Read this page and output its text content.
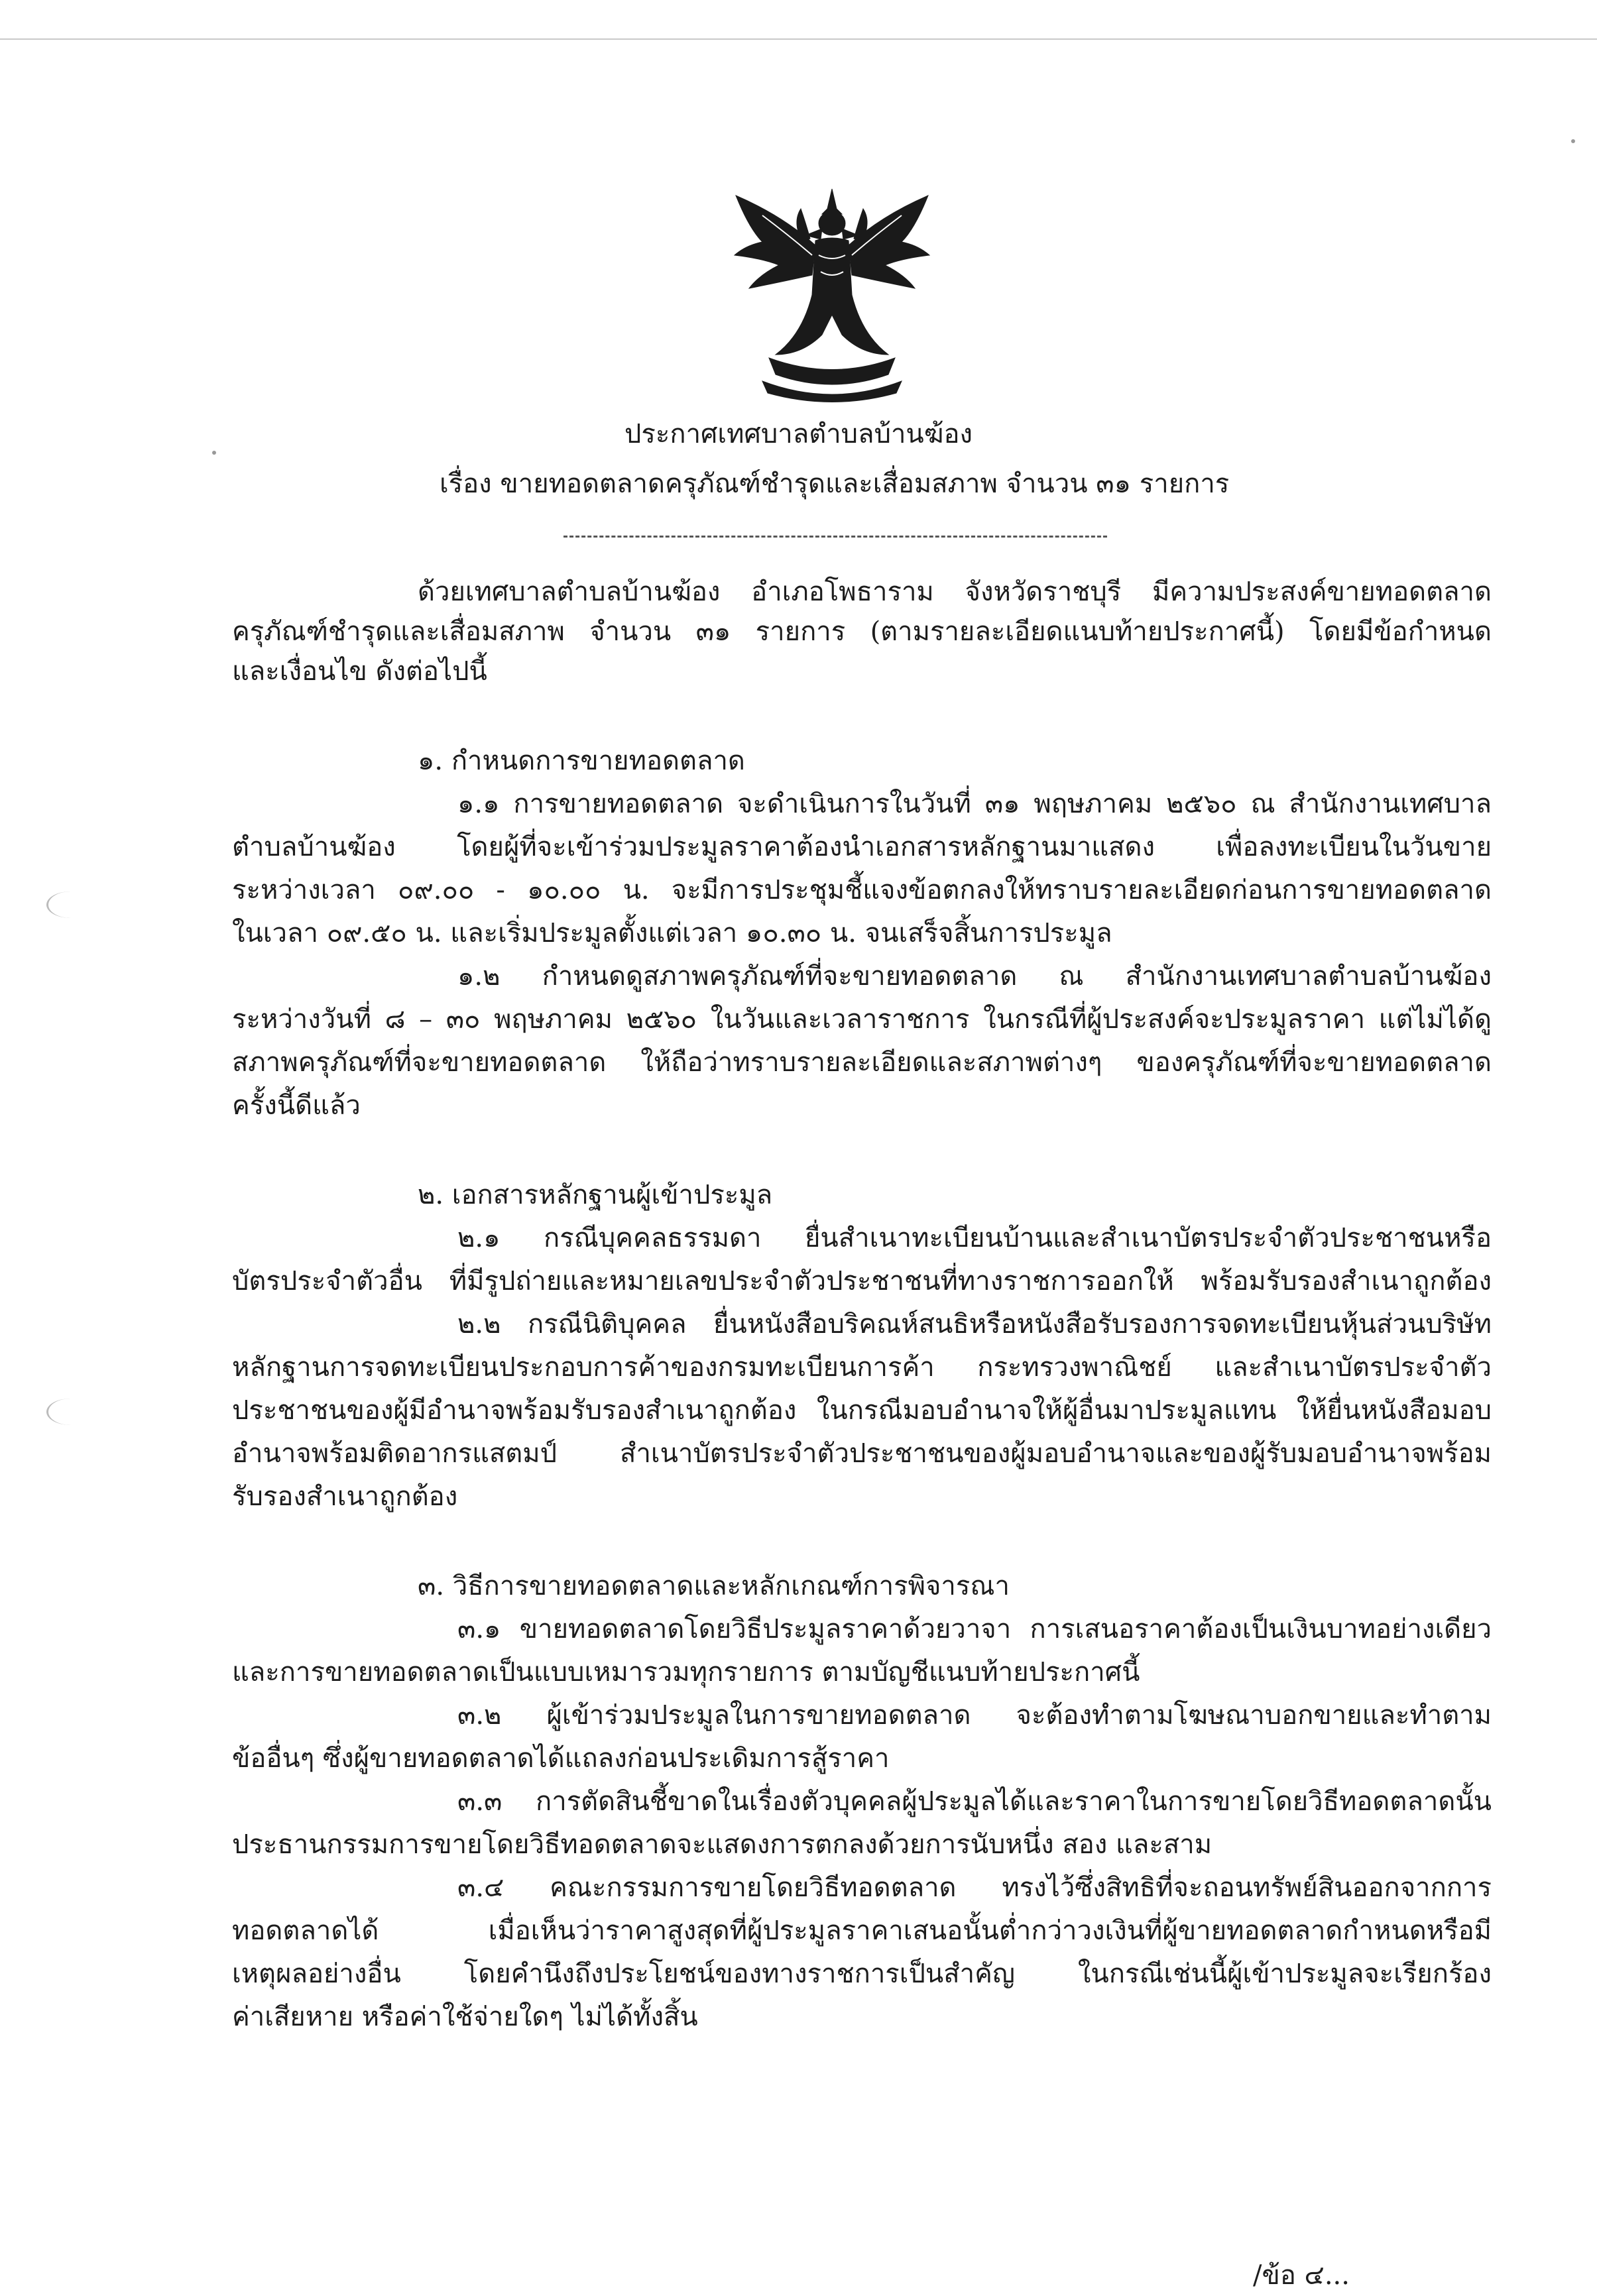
ประกาศเทศบาลตำบลบ้านฆ้อง
เรื่อง ขายทอดตลาดครุภัณฑ์ชำรุดและเสื่อมสภาพ จำนวน ๓๑ รายการ
ด้วยเทศบาลตำบลบ้านฆ้อง อำเภอโพธาราม จังหวัดราชบุรี มีความประสงค์ขายทอดตลาด
ครุภัณฑ์ชำรุดและเสื่อมสภาพ จำนวน ๓๑ รายการ (ตามรายละเอียดแนบท้ายประกาศนี้) โดยมีข้อกำหนด
และเงื่อนไข ดังต่อไปนี้
๑. กำหนดการขายทอดตลาด
๑.๑ การขายทอดตลาด จะดำเนินการในวันที่ ๓๑ พฤษภาคม ๒๕๖๐ ณ สำนักงานเทศบาล
ตำบลบ้านฆ้อง โดยผู้ที่จะเข้าร่วมประมูลราคาต้องนำเอกสารหลักฐานมาแสดง เพื่อลงทะเบียนในวันขาย
ระหว่างเวลา ๐๙.๐๐ - ๑๐.๐๐ น. จะมีการประชุมชี้แจงข้อตกลงให้ทราบรายละเอียดก่อนการขายทอดตลาด
ในเวลา ๐๙.๕๐ น. และเริ่มประมูลตั้งแต่เวลา ๑๐.๓๐ น. จนเสร็จสิ้นการประมูล
๑.๒ กำหนดดูสภาพครุภัณฑ์ที่จะขายทอดตลาด ณ สำนักงานเทศบาลตำบลบ้านฆ้อง
ระหว่างวันที่ ๘ – ๓๐ พฤษภาคม ๒๕๖๐ ในวันและเวลาราชการ ในกรณีที่ผู้ประสงค์จะประมูลราคา แต่ไม่ได้ดู
สภาพครุภัณฑ์ที่จะขายทอดตลาด ให้ถือว่าทราบรายละเอียดและสภาพต่างๆ ของครุภัณฑ์ที่จะขายทอดตลาด
ครั้งนี้ดีแล้ว
๒. เอกสารหลักฐานผู้เข้าประมูล
๒.๑ กรณีบุคคลธรรมดา ยื่นสำเนาทะเบียนบ้านและสำเนาบัตรประจำตัวประชาชนหรือ
บัตรประจำตัวอื่น ที่มีรูปถ่ายและหมายเลขประจำตัวประชาชนที่ทางราชการออกให้ พร้อมรับรองสำเนาถูกต้อง
๒.๒ กรณีนิติบุคคล ยื่นหนังสือบริคณห์สนธิหรือหนังสือรับรองการจดทะเบียนหุ้นส่วนบริษัท
หลักฐานการจดทะเบียนประกอบการค้าของกรมทะเบียนการค้า กระทรวงพาณิชย์ และสำเนาบัตรประจำตัว
ประชาชนของผู้มีอำนาจพร้อมรับรองสำเนาถูกต้อง ในกรณีมอบอำนาจให้ผู้อื่นมาประมูลแทน ให้ยื่นหนังสือมอบ
อำนาจพร้อมติดอากรแสตมป์ สำเนาบัตรประจำตัวประชาชนของผู้มอบอำนาจและของผู้รับมอบอำนาจพร้อม
รับรองสำเนาถูกต้อง
๓. วิธีการขายทอดตลาดและหลักเกณฑ์การพิจารณา
๓.๑ ขายทอดตลาดโดยวิธีประมูลราคาด้วยวาจา การเสนอราคาต้องเป็นเงินบาทอย่างเดียว
และการขายทอดตลาดเป็นแบบเหมารวมทุกรายการ ตามบัญชีแนบท้ายประกาศนี้
๓.๒ ผู้เข้าร่วมประมูลในการขายทอดตลาด จะต้องทำตามโฆษณาบอกขายและทำตาม
ข้ออื่นๆ ซึ่งผู้ขายทอดตลาดได้แถลงก่อนประเดิมการสู้ราคา
๓.๓ การตัดสินชี้ขาดในเรื่องตัวบุคคลผู้ประมูลได้และราคาในการขายโดยวิธีทอดตลาดนั้น
ประธานกรรมการขายโดยวิธีทอดตลาดจะแสดงการตกลงด้วยการนับหนึ่ง สอง และสาม
๓.๔ คณะกรรมการขายโดยวิธีทอดตลาด ทรงไว้ซึ่งสิทธิที่จะถอนทรัพย์สินออกจากการ
ทอดตลาดได้ เมื่อเห็นว่าราคาสูงสุดที่ผู้ประมูลราคาเสนอนั้นต่ำกว่าวงเงินที่ผู้ขายทอดตลาดกำหนดหรือมี
เหตุผลอย่างอื่น โดยคำนึงถึงประโยชน์ของทางราชการเป็นสำคัญ ในกรณีเช่นนี้ผู้เข้าประมูลจะเรียกร้อง
ค่าเสียหาย หรือค่าใช้จ่ายใดๆ ไม่ได้ทั้งสิ้น
/ข้อ ๔...
